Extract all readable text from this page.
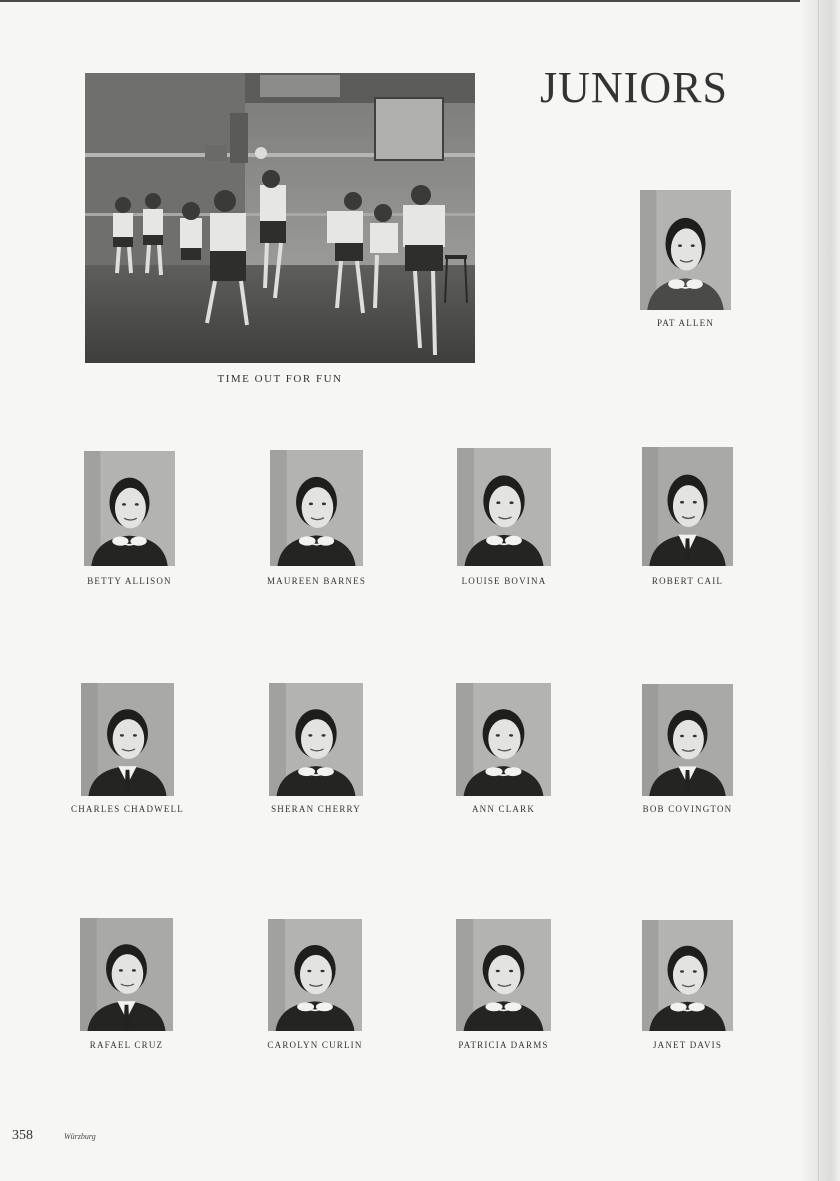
JUNIORS
TIME OUT FOR FUN
PAT ALLEN
BETTY ALLISON	MAUREEN BARNES	LOUISE BOVINA	ROBERT CAIL
CHARLES CHADWELL	SHERAN CHERRY	ANN CLARK	BOB COVINGTON
RAFAEL CRUZ	CAROLYN CURLIN	PATRICIA DARMS	JANET DAVIS
358	Würzburg
